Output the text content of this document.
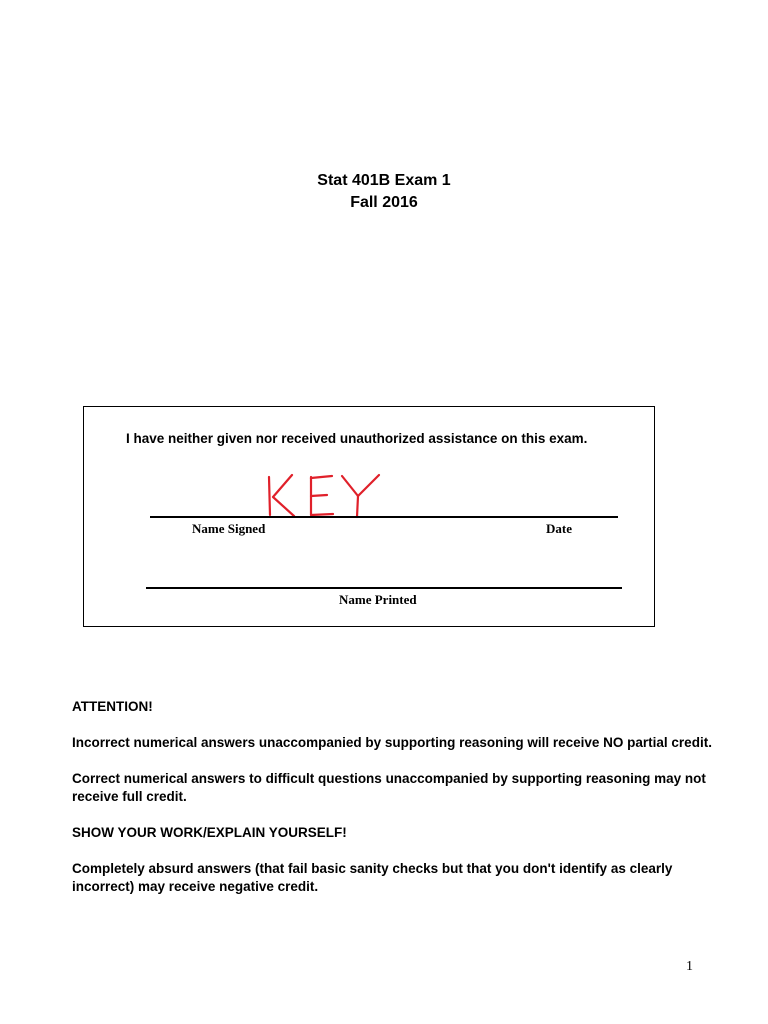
Stat 401B Exam 1
Fall 2016
I have neither given nor received unauthorized assistance on this exam.
Name Signed	Date
Name Printed

ATTENTION!

Incorrect numerical answers unaccompanied by supporting reasoning will receive NO partial credit.

Correct numerical answers to difficult questions unaccompanied by supporting reasoning may not receive full credit.

SHOW YOUR WORK/EXPLAIN YOURSELF!

Completely absurd answers (that fail basic sanity checks but that you don't identify as clearly incorrect) may receive negative credit.

1
